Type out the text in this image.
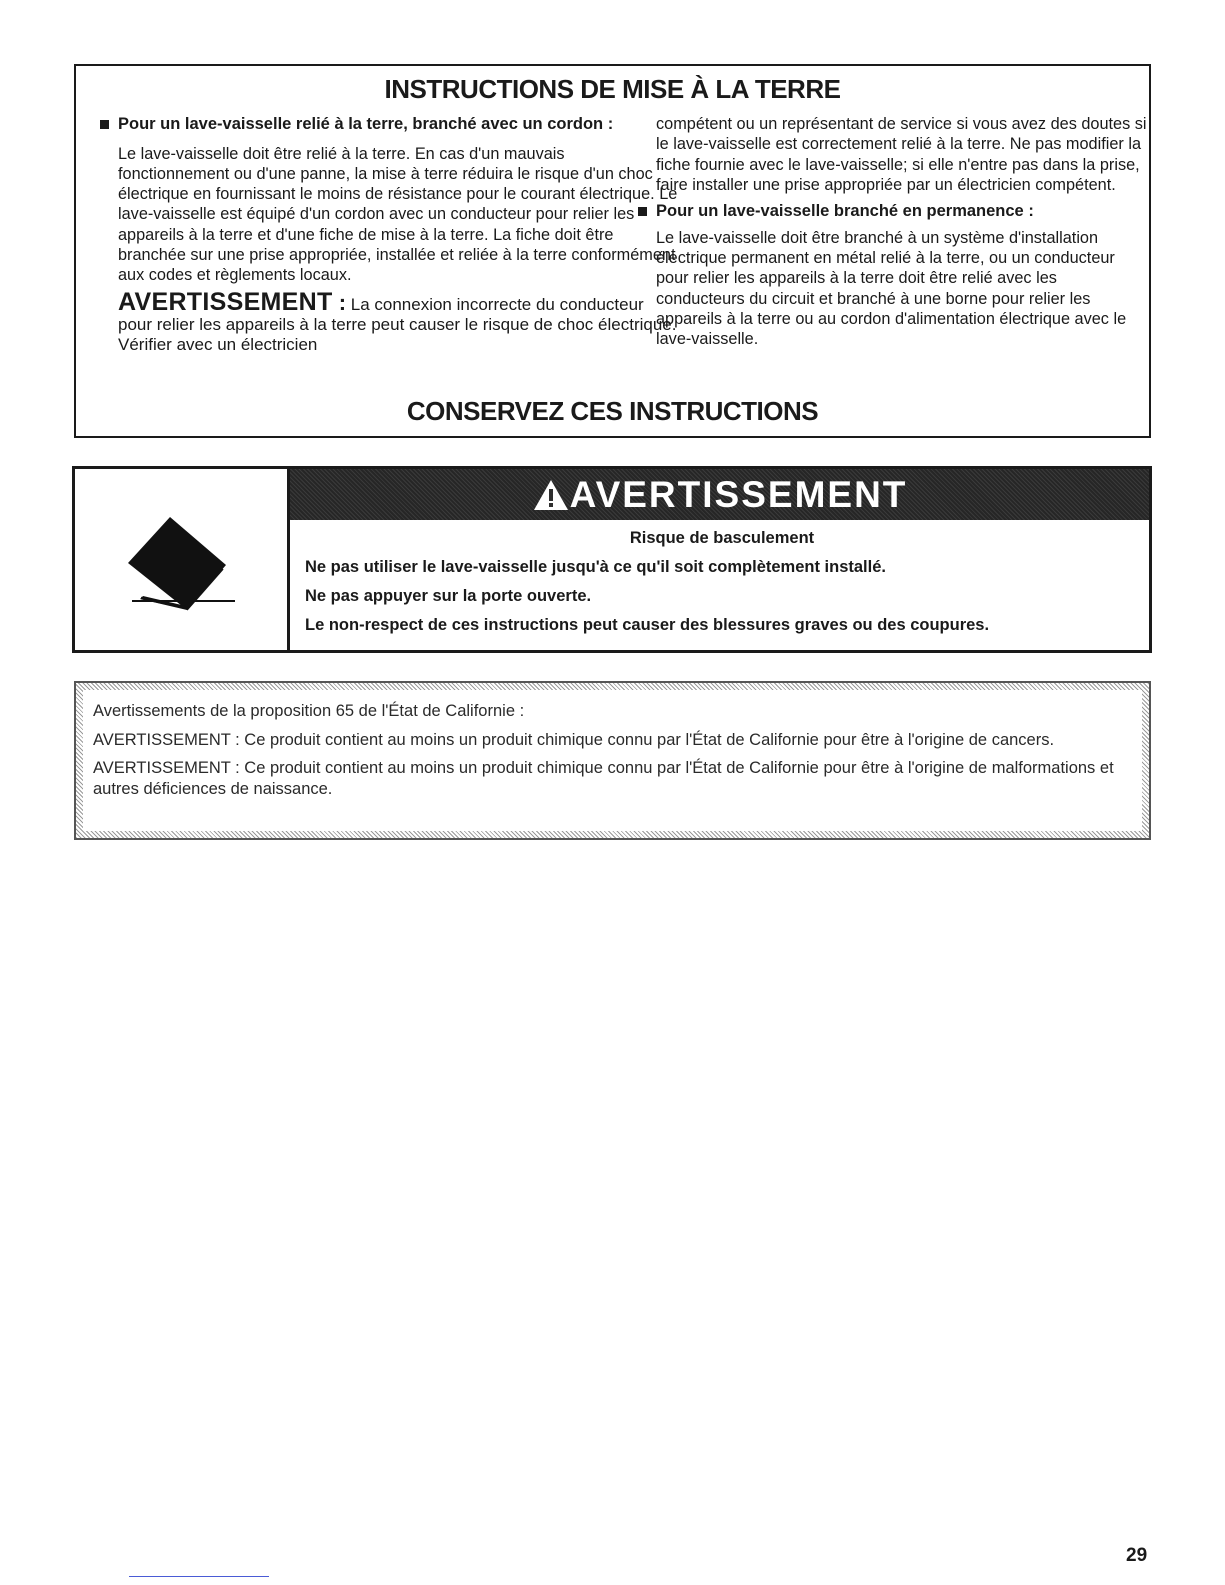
INSTRUCTIONS DE MISE À LA TERRE
Pour un lave-vaisselle relié à la terre, branché avec un cordon :
Le lave-vaisselle doit être relié à la terre. En cas d'un mauvais fonctionnement ou d'une panne, la mise à terre réduira le risque d'un choc électrique en fournissant le moins de résistance pour le courant électrique. Le lave-vaisselle est équipé d'un cordon avec un conducteur pour relier les appareils à la terre et d'une fiche de mise à la terre. La fiche doit être branchée sur une prise appropriée, installée et reliée à la terre conformément aux codes et règlements locaux.
AVERTISSEMENT : La connexion incorrecte du conducteur pour relier les appareils à la terre peut causer le risque de choc électrique. Vérifier avec un électricien
compétent ou un représentant de service si vous avez des doutes si le lave-vaisselle est correctement relié à la terre. Ne pas modifier la fiche fournie avec le lave-vaisselle; si elle n'entre pas dans la prise, faire installer une prise appropriée par un électricien compétent.
Pour un lave-vaisselle branché en permanence :
Le lave-vaisselle doit être branché à un système d'installation électrique permanent en métal relié à la terre, ou un conducteur pour relier les appareils à la terre doit être relié avec les conducteurs du circuit et branché à une borne pour relier les appareils à la terre ou au cordon d'alimentation électrique avec le lave-vaisselle.
CONSERVEZ CES INSTRUCTIONS
AVERTISSEMENT

Risque de basculement

Ne pas utiliser le lave-vaisselle jusqu'à ce qu'il soit complètement installé.

Ne pas appuyer sur la porte ouverte.

Le non-respect de ces instructions peut causer des blessures graves ou des coupures.

Avertissements de la proposition 65 de l'État de Californie :

AVERTISSEMENT : Ce produit contient au moins un produit chimique connu par l'État de Californie pour être à l'origine de cancers.

AVERTISSEMENT : Ce produit contient au moins un produit chimique connu par l'État de Californie pour être à l'origine de malformations et autres déficiences de naissance.

29
